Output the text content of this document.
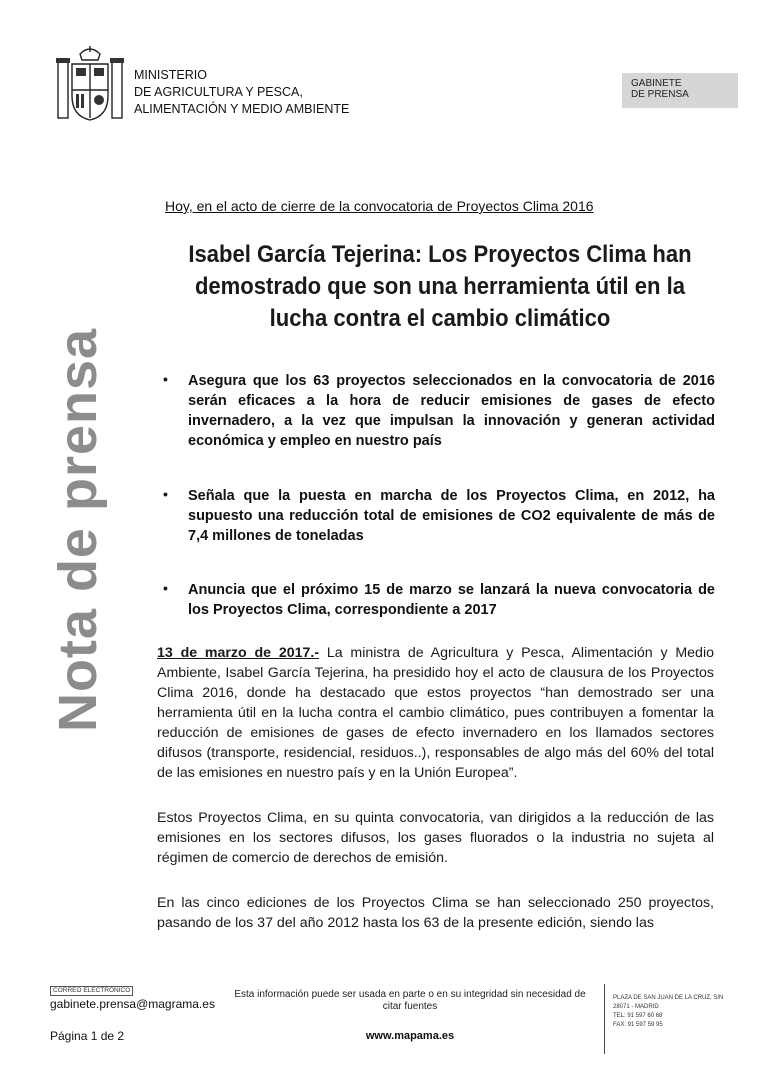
MINISTERIO
DE AGRICULTURA Y PESCA,
ALIMENTACIÓN Y MEDIO AMBIENTE
GABINETE
DE PRENSA
Nota de prensa
Hoy, en el acto de cierre de la convocatoria de Proyectos Clima 2016
Isabel García Tejerina: Los Proyectos Clima han demostrado que son una herramienta útil en la lucha contra el cambio climático
• Asegura que los 63 proyectos seleccionados en la convocatoria de 2016 serán eficaces a la hora de reducir emisiones de gases de efecto invernadero, a la vez que impulsan la innovación y generan actividad económica y empleo en nuestro país
• Señala que la puesta en marcha de los Proyectos Clima, en 2012, ha supuesto una reducción total de emisiones de CO2 equivalente de más de 7,4 millones de toneladas
• Anuncia que el próximo 15 de marzo se lanzará la nueva convocatoria de los Proyectos Clima, correspondiente a 2017
13 de marzo de 2017.- La ministra de Agricultura y Pesca, Alimentación y Medio Ambiente, Isabel García Tejerina, ha presidido hoy el acto de clausura de los Proyectos Clima 2016, donde ha destacado que estos proyectos “han demostrado ser una herramienta útil en la lucha contra el cambio climático, pues contribuyen a fomentar la reducción de emisiones de gases de efecto invernadero en los llamados sectores difusos (transporte, residencial, residuos..), responsables de algo más del 60% del total de las emisiones en nuestro país y en la Unión Europea”.
Estos Proyectos Clima, en su quinta convocatoria, van dirigidos a la reducción de las emisiones en los sectores difusos, los gases fluorados o la industria no sujeta al régimen de comercio de derechos de emisión.
En las cinco ediciones de los Proyectos Clima se han seleccionado 250 proyectos, pasando de los 37 del año 2012 hasta los 63 de la presente edición, siendo las
CORREO ELECTRÓNICO
gabinete.prensa@magrama.es
Página 1 de 2
Esta información puede ser usada en parte o en su integridad sin necesidad de citar fuentes
www.mapama.es
PLAZA DE SAN JUAN DE LA CRUZ, S/N
28071 - MADRID
TEL: 91 597 60 68
FAX: 91 597 59 95
